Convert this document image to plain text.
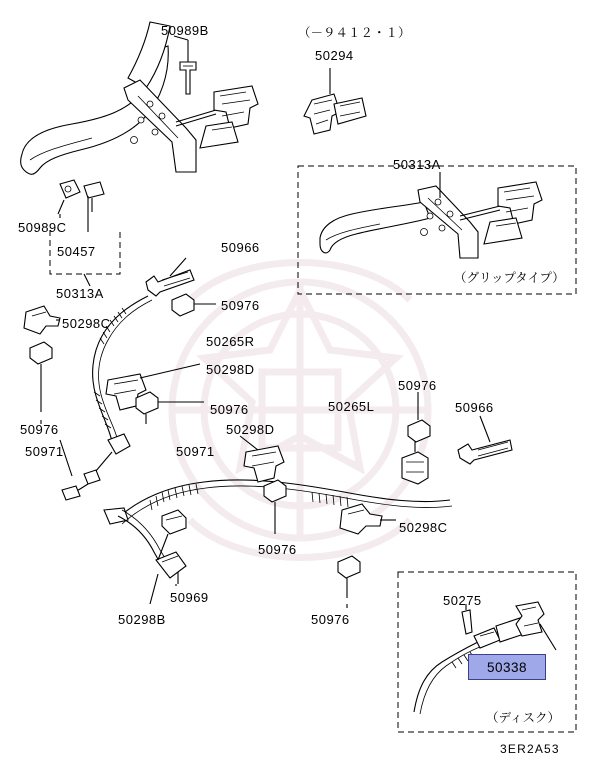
50989B	（－９４１２・１）
50294
50313A
50989C
50457	50966
50313A
50976
50298C
50265R
50298D
50976
50976	50265L	50966
50976	50298D
50971	50971
50298C
50976
50969
50298B	50976
50275
（グリップタイプ）
（ディスク）
50338
3ER2A53
